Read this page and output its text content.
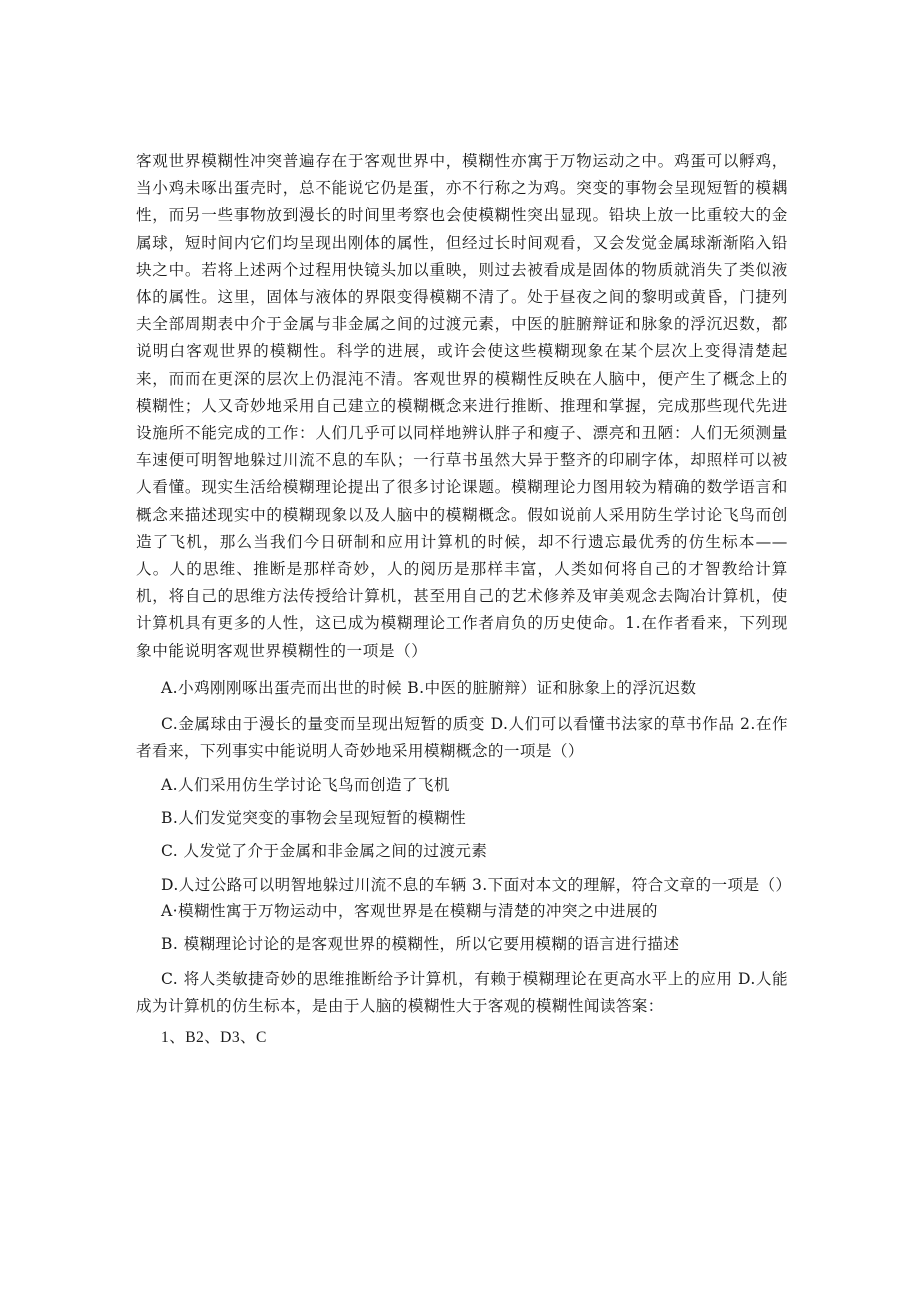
客观世界模糊性冲突普遍存在于客观世界中，模糊性亦寓于万物运动之中。鸡蛋可以孵鸡，当小鸡未啄出蛋壳时，总不能说它仍是蛋，亦不行称之为鸡。突变的事物会呈现短暂的模耦性，而另一些事物放到漫长的时间里考察也会使模糊性突出显现。铅块上放一比重较大的金属球，短时间内它们均呈现出刚体的属性，但经过长时间观看，又会发觉金属球渐渐陷入铅块之中。若将上述两个过程用快镜头加以重映，则过去被看成是固体的物质就消失了类似液体的属性。这里，固体与液体的界限变得模糊不清了。处于昼夜之间的黎明或黄昏，门捷列夫全部周期表中介于金属与非金属之间的过渡元素，中医的脏腑辩证和脉象的浮沉迟数，都说明白客观世界的模糊性。科学的进展，或许会使这些模糊现象在某个层次上变得清楚起来，而而在更深的层次上仍混沌不清。客观世界的模糊性反映在人脑中，便产生了概念上的模糊性；人又奇妙地采用自己建立的模糊概念来进行推断、推理和掌握，完成那些现代先进设施所不能完成的工作：人们几乎可以同样地辨认胖子和瘦子、漂亮和丑陋：人们无须测量车速便可明智地躲过川流不息的车队；一行草书虽然大异于整齐的印刷字体，却照样可以被人看懂。现实生活给模糊理论提出了很多讨论课题。模糊理论力图用较为精确的数学语言和概念来描述现实中的模糊现象以及人脑中的模糊概念。假如说前人采用防生学讨论飞鸟而创造了飞机，那么当我们今日研制和应用计算机的时候，却不行遗忘最优秀的仿生标本——人。人的思维、推断是那样奇妙，人的阅历是那样丰富，人类如何将自己的才智教给计算机，将自己的思维方法传授给计算机，甚至用自己的艺术修养及审美观念去陶冶计算机，使计算机具有更多的人性，这已成为模糊理论工作者肩负的历史使命。1.在作者看来，下列现象中能说明客观世界模糊性的一项是（）

A.小鸡刚刚啄出蛋壳而出世的时候 B.中医的脏腑辩）证和脉象上的浮沉迟数

C.金属球由于漫长的量变而呈现出短暂的质变 D.人们可以看懂书法家的草书作品 2.在作者看来，下列事实中能说明人奇妙地采用模糊概念的一项是（）

A.人们采用仿生学讨论飞鸟而创造了飞机

B.人们发觉突变的事物会呈现短暂的模糊性

C. 人发觉了介于金属和非金属之间的过渡元素

D.人过公路可以明智地躲过川流不息的车辆 3.下面对本文的理解，符合文章的一项是（）

A·模糊性寓于万物运动中，客观世界是在模糊与清楚的冲突之中进展的

B. 模糊理论讨论的是客观世界的模糊性，所以它要用模糊的语言进行描述

C. 将人类敏捷奇妙的思维推断给予计算机，有赖于模糊理论在更高水平上的应用 D.人能成为计算机的仿生标本，是由于人脑的模糊性大于客观的模糊性闻读答案：

1、B2、D3、C
